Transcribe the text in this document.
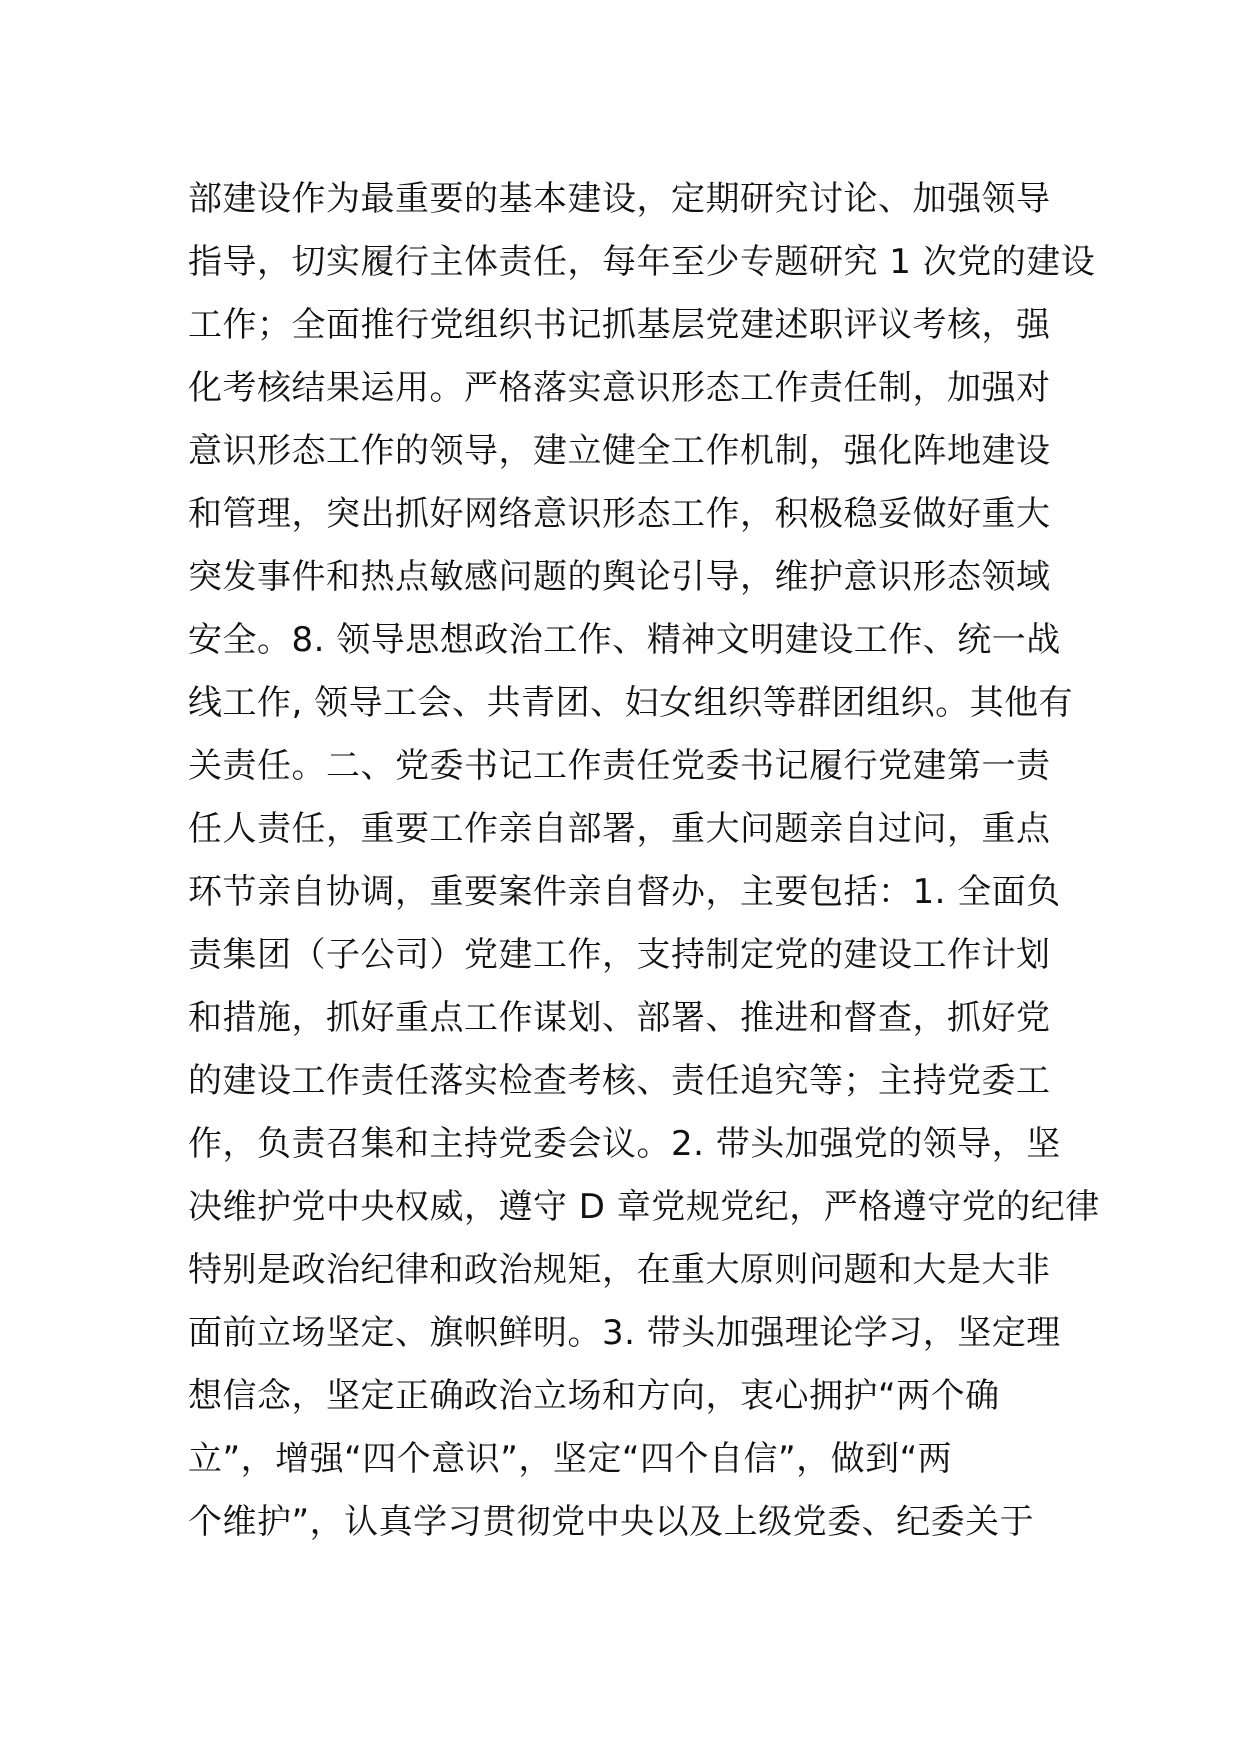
部建设作为最重要的基本建设，定期研究讨论、加强领导
指导，切实履行主体责任，每年至少专题研究 1 次党的建设
工作；全面推行党组织书记抓基层党建述职评议考核，强
化考核结果运用。严格落实意识形态工作责任制，加强对
意识形态工作的领导，建立健全工作机制，强化阵地建设
和管理，突出抓好网络意识形态工作，积极稳妥做好重大
突发事件和热点敏感问题的舆论引导，维护意识形态领域
安全。8. 领导思想政治工作、精神文明建设工作、统一战
线工作, 领导工会、共青团、妇女组织等群团组织。其他有
关责任。二、党委书记工作责任党委书记履行党建第一责
任人责任，重要工作亲自部署，重大问题亲自过问，重点
环节亲自协调，重要案件亲自督办，主要包括：1. 全面负
责集团（子公司）党建工作，支持制定党的建设工作计划
和措施，抓好重点工作谋划、部署、推进和督查，抓好党
的建设工作责任落实检查考核、责任追究等；主持党委工
作，负责召集和主持党委会议。2. 带头加强党的领导，坚
决维护党中央权威，遵守 D 章党规党纪，严格遵守党的纪律
特别是政治纪律和政治规矩，在重大原则问题和大是大非
面前立场坚定、旗帜鲜明。3. 带头加强理论学习，坚定理
想信念，坚定正确政治立场和方向，衷心拥护“两个确
立”，增强“四个意识”，坚定“四个自信”，做到“两
个维护”，认真学习贯彻党中央以及上级党委、纪委关于
